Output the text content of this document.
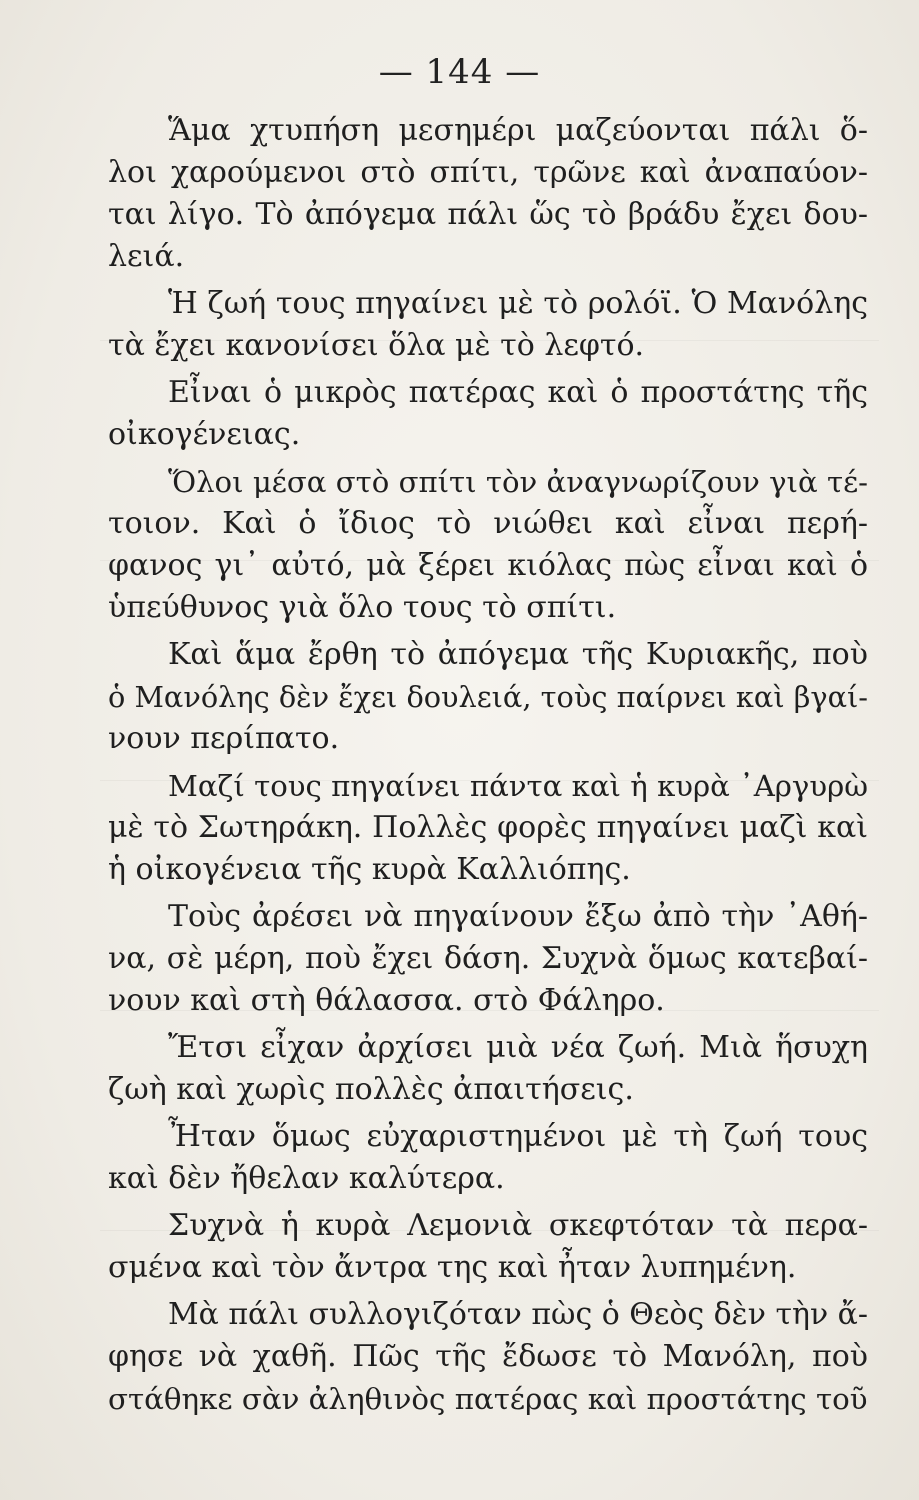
— 144 —
Ἅμα χτυπήση μεσημέρι μαζεύονται πάλι ὅ-
λοι χαρούμενοι στὸ σπίτι, τρῶνε καὶ ἀναπαύον-
ται λίγο. Τὸ ἀπόγεμα πάλι ὥς τὸ βράδυ ἔχει δου-
λειά.
Ἡ ζωή τους πηγαίνει μὲ τὸ ρολόϊ. Ὁ Μανόλης
τὰ ἔχει κανονίσει ὅλα μὲ τὸ λεφτό.
Εἶναι ὁ μικρὸς πατέρας καὶ ὁ προστάτης τῆς
οἰκογένειας.
Ὅλοι μέσα στὸ σπίτι τὸν ἀναγνωρίζουν γιὰ τέ-
τοιον. Καὶ ὁ ἴδιος τὸ νιώθει καὶ εἶναι περή-
φανος γι᾿ αὐτό, μὰ ξέρει κιόλας πὼς εἶναι καὶ ὁ
ὑπεύθυνος γιὰ ὅλο τους τὸ σπίτι.
Καὶ ἅμα ἔρθη τὸ ἀπόγεμα τῆς Κυριακῆς, ποὺ
ὁ Μανόλης δὲν ἔχει δουλειά, τοὺς παίρνει καὶ βγαί-
νουν περίπατο.
Μαζί τους πηγαίνει πάντα καὶ ἡ κυρὰ ᾿Αργυρὼ
μὲ τὸ Σωτηράκη. Πολλὲς φορὲς πηγαίνει μαζὶ καὶ
ἡ οἰκογένεια τῆς κυρὰ Καλλιόπης.
Τοὺς ἀρέσει νὰ πηγαίνουν ἔξω ἀπὸ τὴν ᾿Αθή-
να, σὲ μέρη, ποὺ ἔχει δάση. Συχνὰ ὅμως κατεβαί-
νουν καὶ στὴ θάλασσα. στὸ Φάληρο.
Ἔτσι εἶχαν ἀρχίσει μιὰ νέα ζωή. Μιὰ ἥσυχη
ζωὴ καὶ χωρὶς πολλὲς ἀπαιτήσεις.
Ἦταν ὅμως εὐχαριστημένοι μὲ τὴ ζωή τους
καὶ δὲν ἤθελαν καλύτερα.
Συχνὰ ἡ κυρὰ Λεμονιὰ σκεφτόταν τὰ περα-
σμένα καὶ τὸν ἄντρα της καὶ ἦταν λυπημένη.
Μὰ πάλι συλλογιζόταν πὼς ὁ Θεὸς δὲν τὴν ἄ-
φησε νὰ χαθῆ. Πῶς τῆς ἔδωσε τὸ Μανόλη, ποὺ
στάθηκε σὰν ἀληθινὸς πατέρας καὶ προστάτης τοῦ
